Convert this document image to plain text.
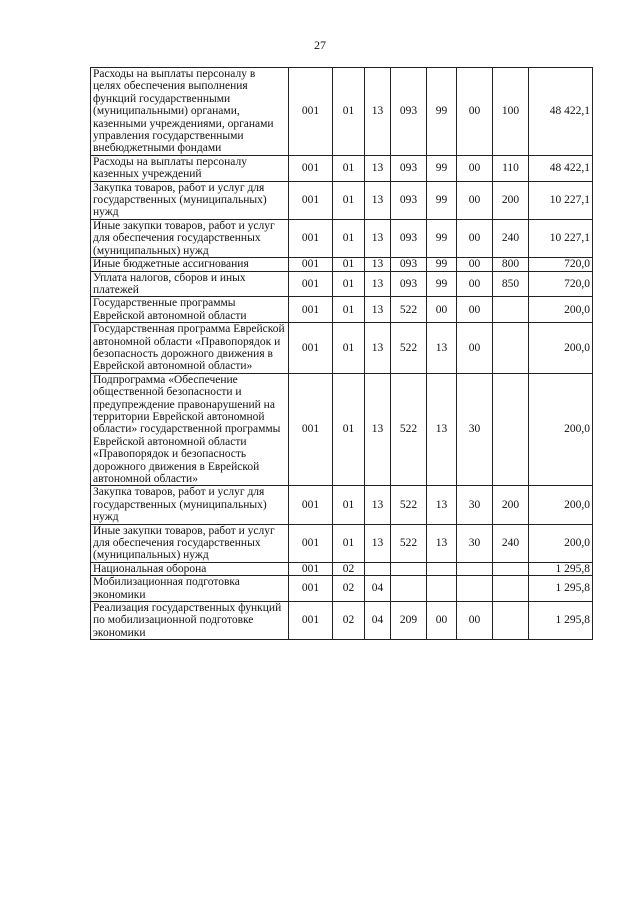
27
Расходы на выплаты персоналу в целях обеспечения выполнения функций государственными (муниципальными) органами, казенными учреждениями, органами управления государственными внебюджетными фондами	001	01	13	093	99	00	100	48 422,1
Расходы на выплаты персоналу казенных учреждений	001	01	13	093	99	00	110	48 422,1
Закупка товаров, работ и услуг для государственных (муниципальных) нужд	001	01	13	093	99	00	200	10 227,1
Иные закупки товаров, работ и услуг для обеспечения государственных (муниципальных) нужд	001	01	13	093	99	00	240	10 227,1
Иные бюджетные ассигнования	001	01	13	093	99	00	800	720,0
Уплата налогов, сборов и иных платежей	001	01	13	093	99	00	850	720,0
Государственные программы Еврейской автономной области	001	01	13	522	00	00		200,0
Государственная программа Еврейской автономной области «Правопорядок и безопасность дорожного движения в Еврейской автономной области»	001	01	13	522	13	00		200,0
Подпрограмма «Обеспечение общественной безопасности и предупреждение правонарушений на территории Еврейской автономной области» государственной программы Еврейской автономной области «Правопорядок и безопасность дорожного движения в Еврейской автономной области»	001	01	13	522	13	30		200,0
Закупка товаров, работ и услуг для государственных (муниципальных) нужд	001	01	13	522	13	30	200	200,0
Иные закупки товаров, работ и услуг для обеспечения государственных (муниципальных) нужд	001	01	13	522	13	30	240	200,0
Национальная оборона	001	02						1 295,8
Мобилизационная подготовка экономики	001	02	04					1 295,8
Реализация государственных функций по мобилизационной подготовке экономики	001	02	04	209	00	00		1 295,8
